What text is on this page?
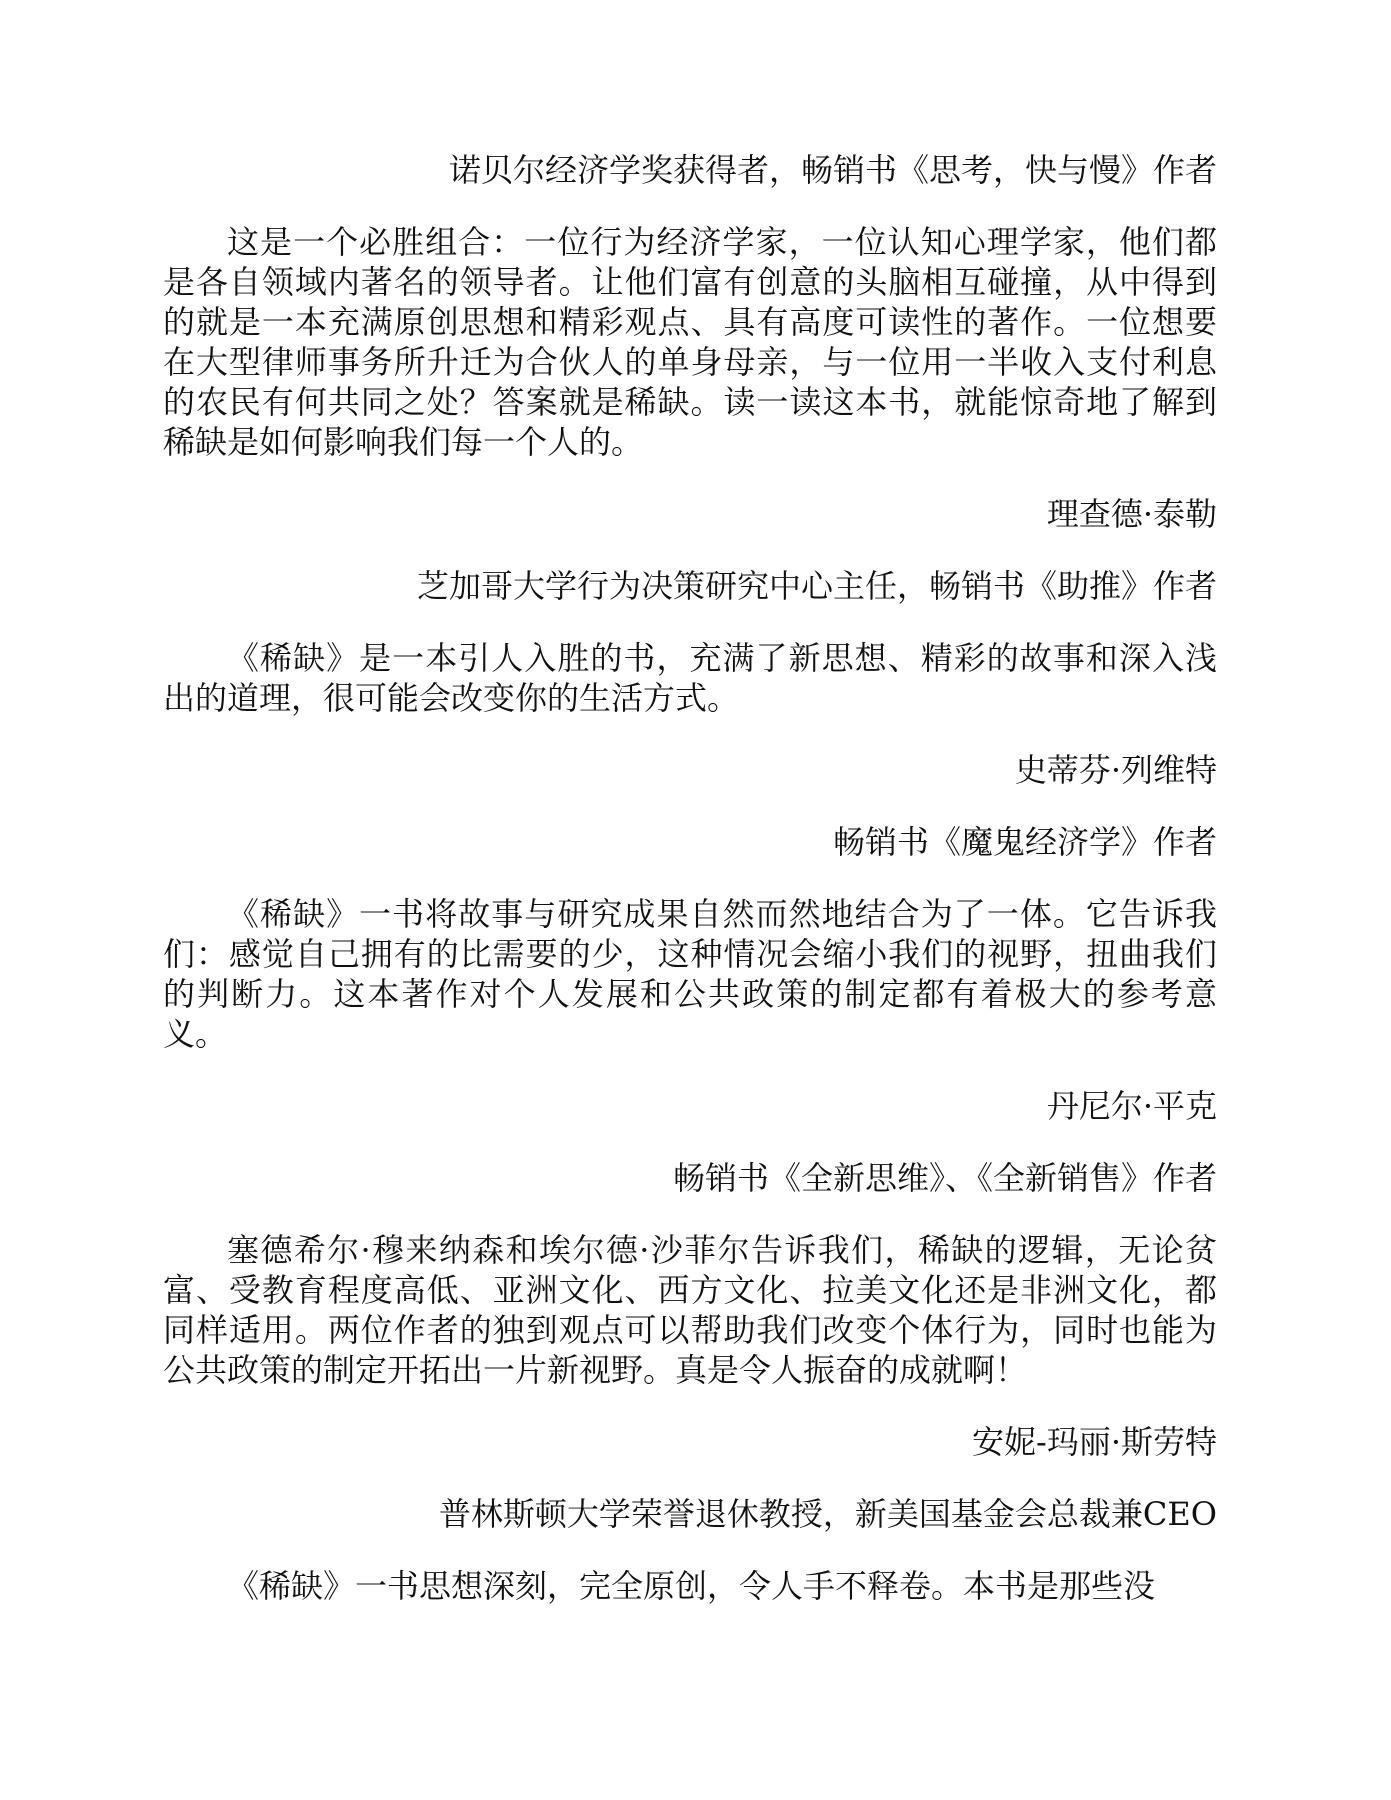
诺贝尔经济学奖获得者，畅销书《思考，快与慢》作者
这是一个必胜组合：一位行为经济学家，一位认知心理学家，他们都是各自领域内著名的领导者。让他们富有创意的头脑相互碰撞，从中得到的就是一本充满原创思想和精彩观点、具有高度可读性的著作。一位想要在大型律师事务所升迁为合伙人的单身母亲，与一位用一半收入支付利息的农民有何共同之处？答案就是稀缺。读一读这本书，就能惊奇地了解到稀缺是如何影响我们每一个人的。
理查德·泰勒
芝加哥大学行为决策研究中心主任，畅销书《助推》作者
《稀缺》是一本引人入胜的书，充满了新思想、精彩的故事和深入浅出的道理，很可能会改变你的生活方式。
史蒂芬·列维特
畅销书《魔鬼经济学》作者
《稀缺》一书将故事与研究成果自然而然地结合为了一体。它告诉我们：感觉自己拥有的比需要的少，这种情况会缩小我们的视野，扭曲我们的判断力。这本著作对个人发展和公共政策的制定都有着极大的参考意义。
丹尼尔·平克
畅销书《全新思维》、《全新销售》作者
塞德希尔·穆来纳森和埃尔德·沙菲尔告诉我们，稀缺的逻辑，无论贫富、受教育程度高低、亚洲文化、西方文化、拉美文化还是非洲文化，都同样适用。两位作者的独到观点可以帮助我们改变个体行为，同时也能为公共政策的制定开拓出一片新视野。真是令人振奋的成就啊！
安妮-玛丽·斯劳特
普林斯顿大学荣誉退休教授，新美国基金会总裁兼CEO
《稀缺》一书思想深刻，完全原创，令人手不释卷。本书是那些没
